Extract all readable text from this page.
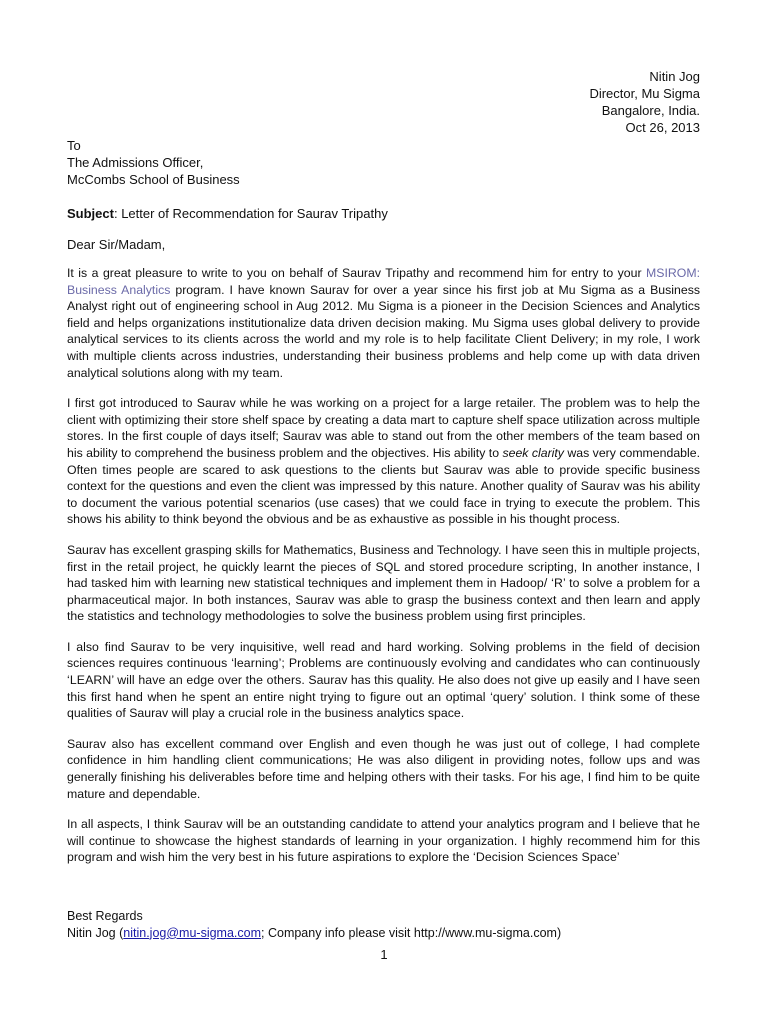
Nitin Jog
Director, Mu Sigma
Bangalore, India.
Oct 26, 2013
To
The Admissions Officer,
McCombs School of Business
Subject: Letter of Recommendation for Saurav Tripathy
Dear Sir/Madam,

It is a great pleasure to write to you on behalf of Saurav Tripathy and recommend him for entry to your MSIROM: Business Analytics program. I have known Saurav for over a year since his first job at Mu Sigma as a Business Analyst right out of engineering school in Aug 2012. Mu Sigma is a pioneer in the Decision Sciences and Analytics field and helps organizations institutionalize data driven decision making. Mu Sigma uses global delivery to provide analytical services to its clients across the world and my role is to help facilitate Client Delivery; in my role, I work with multiple clients across industries, understanding their business problems and help come up with data driven analytical solutions along with my team.

I first got introduced to Saurav while he was working on a project for a large retailer. The problem was to help the client with optimizing their store shelf space by creating a data mart to capture shelf space utilization across multiple stores. In the first couple of days itself; Saurav was able to stand out from the other members of the team based on his ability to comprehend the business problem and the objectives. His ability to seek clarity was very commendable. Often times people are scared to ask questions to the clients but Saurav was able to provide specific business context for the questions and even the client was impressed by this nature. Another quality of Saurav was his ability to document the various potential scenarios (use cases) that we could face in trying to execute the problem. This shows his ability to think beyond the obvious and be as exhaustive as possible in his thought process.

Saurav has excellent grasping skills for Mathematics, Business and Technology. I have seen this in multiple projects, first in the retail project, he quickly learnt the pieces of SQL and stored procedure scripting, In another instance, I had tasked him with learning new statistical techniques and implement them in Hadoop/ ‘R’ to solve a problem for a pharmaceutical major. In both instances, Saurav was able to grasp the business context and then learn and apply the statistics and technology methodologies to solve the business problem using first principles.

I also find Saurav to be very inquisitive, well read and hard working. Solving problems in the field of decision sciences requires continuous ‘learning’; Problems are continuously evolving and candidates who can continuously ‘LEARN’ will have an edge over the others. Saurav has this quality. He also does not give up easily and I have seen this first hand when he spent an entire night trying to figure out an optimal ‘query’ solution. I think some of these qualities of Saurav will play a crucial role in the business analytics space.

Saurav also has excellent command over English and even though he was just out of college, I had complete confidence in him handling client communications; He was also diligent in providing notes, follow ups and was generally finishing his deliverables before time and helping others with their tasks. For his age, I find him to be quite mature and dependable.

In all aspects, I think Saurav will be an outstanding candidate to attend your analytics program and I believe that he will continue to showcase the highest standards of learning in your organization. I highly recommend him for this program and wish him the very best in his future aspirations to explore the ‘Decision Sciences Space’

Best Regards
Nitin Jog (nitin.jog@mu-sigma.com; Company info please visit http://www.mu-sigma.com)
1
